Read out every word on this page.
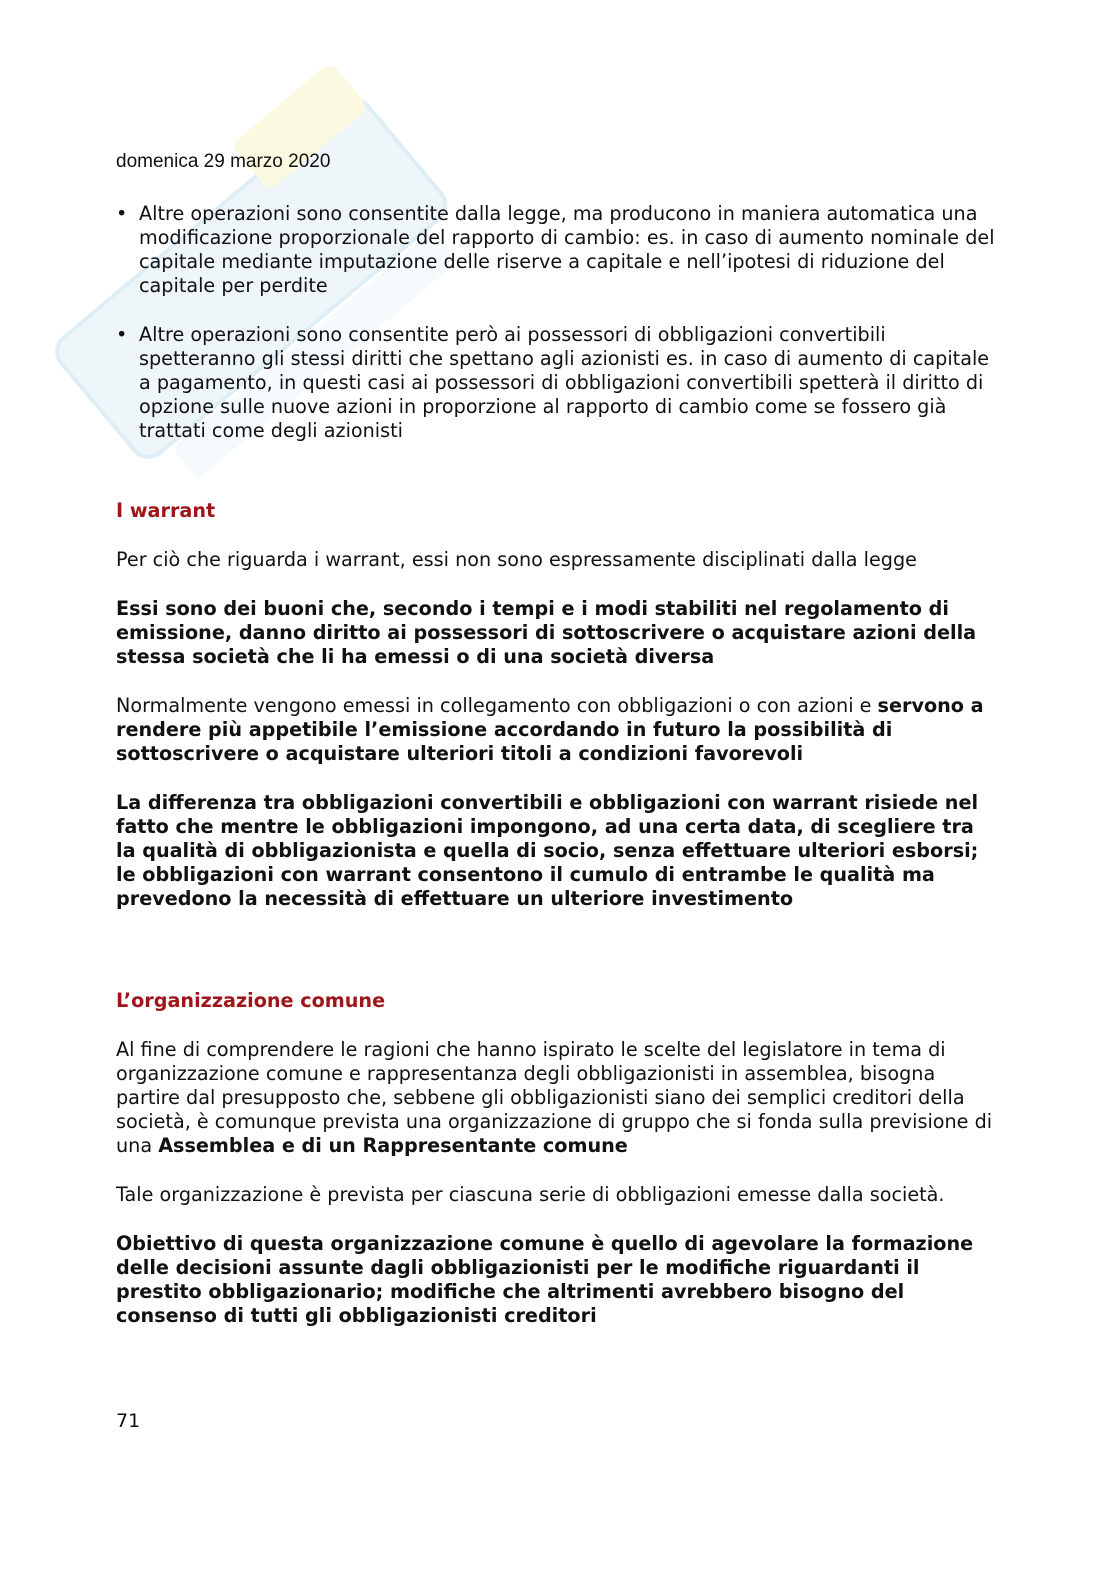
domenica 29 marzo 2020
• Altre operazioni sono consentite dalla legge, ma producono in maniera automatica una modificazione proporzionale del rapporto di cambio: es. in caso di aumento nominale del capitale mediante imputazione delle riserve a capitale e nell’ipotesi di riduzione del capitale per perdite
• Altre operazioni sono consentite però ai possessori di obbligazioni convertibili spetteranno gli stessi diritti che spettano agli azionisti es. in caso di aumento di capitale a pagamento, in questi casi ai possessori di obbligazioni convertibili spetterà il diritto di opzione sulle nuove azioni in proporzione al rapporto di cambio come se fossero già trattati come degli azionisti
I warrant

Per ciò che riguarda i warrant, essi non sono espressamente disciplinati dalla legge

Essi sono dei buoni che, secondo i tempi e i modi stabiliti nel regolamento di emissione, danno diritto ai possessori di sottoscrivere o acquistare azioni della stessa società che li ha emessi o di una società diversa

Normalmente vengono emessi in collegamento con obbligazioni o con azioni e servono a rendere più appetibile l’emissione accordando in futuro la possibilità di sottoscrivere o acquistare ulteriori titoli a condizioni favorevoli

La differenza tra obbligazioni convertibili e obbligazioni con warrant risiede nel fatto che mentre le obbligazioni impongono, ad una certa data, di scegliere tra la qualità di obbligazionista e quella di socio, senza effettuare ulteriori esborsi; le obbligazioni con warrant consentono il cumulo di entrambe le qualità ma prevedono la necessità di effettuare un ulteriore investimento

L’organizzazione comune

Al fine di comprendere le ragioni che hanno ispirato le scelte del legislatore in tema di organizzazione comune e rappresentanza degli obbligazionisti in assemblea, bisogna partire dal presupposto che, sebbene gli obbligazionisti siano dei semplici creditori della società, è comunque prevista una organizzazione di gruppo che si fonda sulla previsione di una Assemblea e di un Rappresentante comune

Tale organizzazione è prevista per ciascuna serie di obbligazioni emesse dalla società.

Obiettivo di questa organizzazione comune è quello di agevolare la formazione delle decisioni assunte dagli obbligazionisti per le modifiche riguardanti il prestito obbligazionario; modifiche che altrimenti avrebbero bisogno del consenso di tutti gli obbligazionisti creditori

71
